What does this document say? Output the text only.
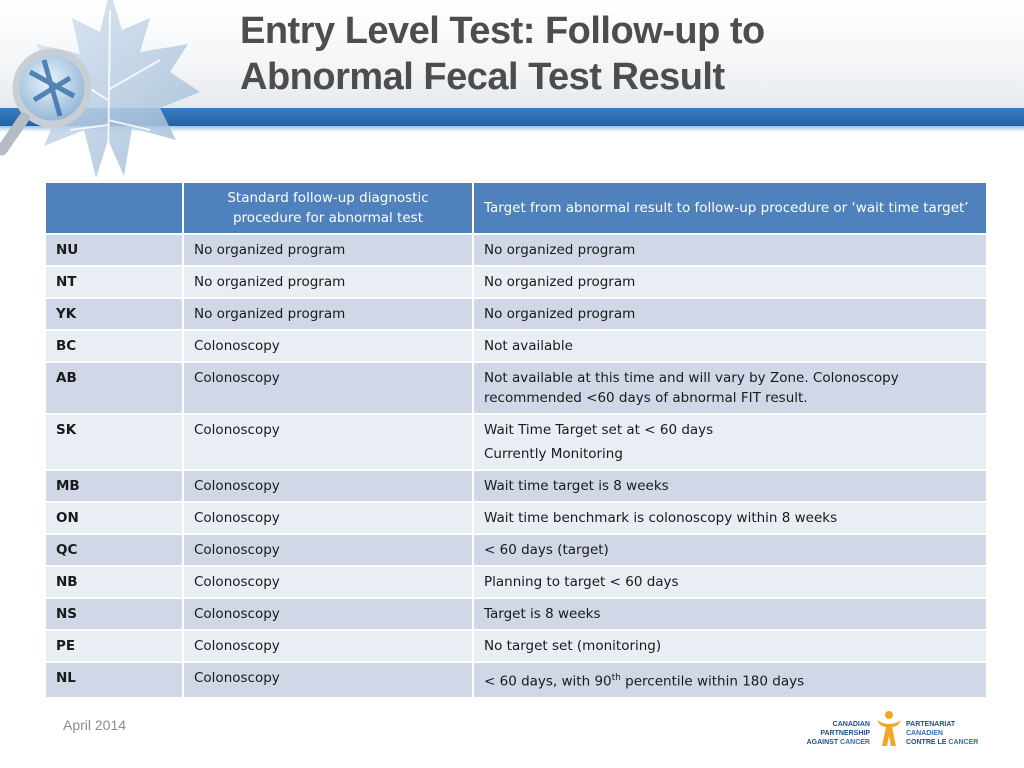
Entry Level Test: Follow-up to
Abnormal Fecal Test Result
	Standard follow-up diagnostic procedure for abnormal test	Target from abnormal result to follow-up procedure or ‘wait time target’
NU	No organized program	No organized program
NT	No organized program	No organized program
YK	No organized program	No organized program
BC	Colonoscopy	Not available
AB	Colonoscopy	Not available at this time and will vary by Zone. Colonoscopy recommended <60 days of abnormal FIT result.
SK	Colonoscopy	Wait Time Target set at < 60 days
Currently Monitoring

MB	Colonoscopy	Wait time target is 8 weeks
ON	Colonoscopy	Wait time benchmark is colonoscopy within 8 weeks
QC	Colonoscopy	< 60 days (target)
NB	Colonoscopy	Planning to target < 60 days
NS	Colonoscopy	Target is 8 weeks
PE	Colonoscopy	No target set (monitoring)
NL	Colonoscopy	< 60 days, with 90th percentile within 180 days
April 2014	CANADIAN PARTNERSHIP
AGAINST CANCER
PARTENARIAT CANADIEN
CONTRE LE CANCER
